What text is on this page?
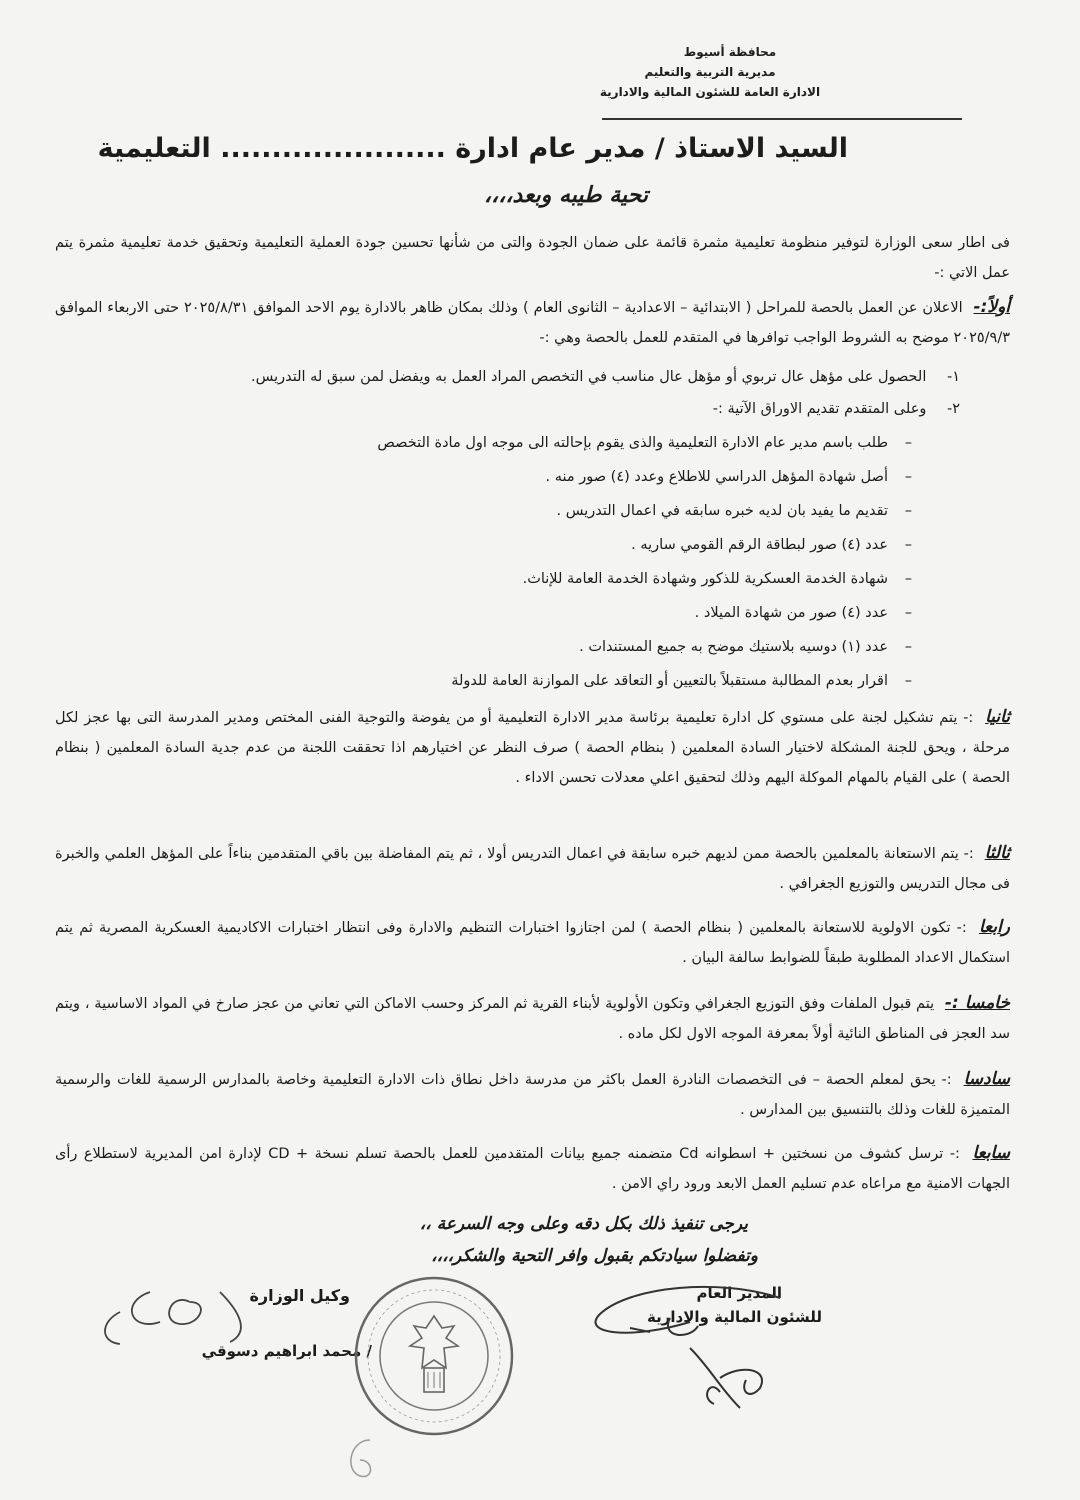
محافظة أسيوط
مديرية التربية والتعليم
الادارة العامة للشئون المالية والادارية
السيد الاستاذ / مدير عام ادارة ...................... التعليمية
تحية طيبه وبعد،،،،
فى اطار سعى الوزارة لتوفير منظومة تعليمية مثمرة قائمة على ضمان الجودة والتى من شأنها تحسين جودة العملية التعليمية وتحقيق خدمة تعليمية مثمرة يتم عمل الاتي :-
أولاً:- الاعلان عن العمل بالحصة للمراحل ( الابتدائية – الاعدادية – الثانوى العام ) وذلك بمكان ظاهر بالادارة يوم الاحد الموافق ٢٠٢٥/٨/٣١ حتى الاربعاء الموافق ٢٠٢٥/٩/٣ موضح به الشروط الواجب توافرها في المتقدم للعمل بالحصة وهي :-
١- الحصول على مؤهل عال تربوي أو مؤهل عال مناسب في التخصص المراد العمل به ويفضل لمن سبق له التدريس.
٢- وعلى المتقدم تقديم الاوراق الآتية :-
–طلب باسم مدير عام الادارة التعليمية والذى يقوم بإحالته الى موجه اول مادة التخصص
–أصل شهادة المؤهل الدراسي للاطلاع وعدد (٤) صور منه .
–تقديم ما يفيد بان لديه خبره سابقه في اعمال التدريس .
–عدد (٤) صور لبطاقة الرقم القومي ساريه .
–شهادة الخدمة العسكرية للذكور وشهادة الخدمة العامة للإناث.
–عدد (٤) صور من شهادة الميلاد .
–عدد (١) دوسيه بلاستيك موضح به جميع المستندات .
–اقرار بعدم المطالبة مستقبلاً بالتعيين أو التعاقد على الموازنة العامة للدولة
ثانيا :- يتم تشكيل لجنة على مستوي كل ادارة تعليمية برئاسة مدير الادارة التعليمية أو من يفوضة والتوجية الفنى المختص ومدير المدرسة التى بها عجز لكل مرحلة ، ويحق للجنة المشكلة لاختيار السادة المعلمين ( بنظام الحصة ) صرف النظر عن اختيارهم اذا تحققت اللجنة من عدم جدية السادة المعلمين ( بنظام الحصة ) على القيام بالمهام الموكلة اليهم وذلك لتحقيق اعلي معدلات تحسن الاداء .
ثالثا :- يتم الاستعانة بالمعلمين بالحصة ممن لديهم خبره سابقة في اعمال التدريس أولا ، ثم يتم المفاضلة بين باقي المتقدمين بناءاً على المؤهل العلمي والخبرة فى مجال التدريس والتوزيع الجغرافي .
رابعا :- تكون الاولوية للاستعانة بالمعلمين ( بنظام الحصة ) لمن اجتازوا اختبارات التنظيم والادارة وفى انتظار اختبارات الاكاديمية العسكرية المصرية ثم يتم استكمال الاعداد المطلوبة طبقاً للضوابط سالفة البيان .
خامسا :- يتم قبول الملفات وفق التوزيع الجغرافي وتكون الأولوية لأبناء القرية ثم المركز وحسب الاماكن التي تعاني من عجز صارخ في المواد الاساسية ، ويتم سد العجز فى المناطق النائية أولاً بمعرفة الموجه الاول لكل ماده .
سادسا :- يحق لمعلم الحصة – فى التخصصات النادرة العمل باكثر من مدرسة داخل نطاق ذات الادارة التعليمية وخاصة بالمدارس الرسمية للغات والرسمية المتميزة للغات وذلك بالتنسيق بين المدارس .
سابعا :- ترسل كشوف من نسختين + اسطوانه Cd متضمنه جميع بيانات المتقدمين للعمل بالحصة تسلم نسخة + CD لإدارة امن المديرية لاستطلاع رأى الجهات الامنية مع مراعاه عدم تسليم العمل الابعد ورود راي الامن .
يرجى تنفيذ ذلك بكل دقه وعلى وجه السرعة ،،
وتفضلوا سيادتكم بقبول وافر التحية والشكر،،،،
المدير العام
للشئون المالية والادارية
وكيل الوزارة
/ محمد ابراهيم دسوقي
